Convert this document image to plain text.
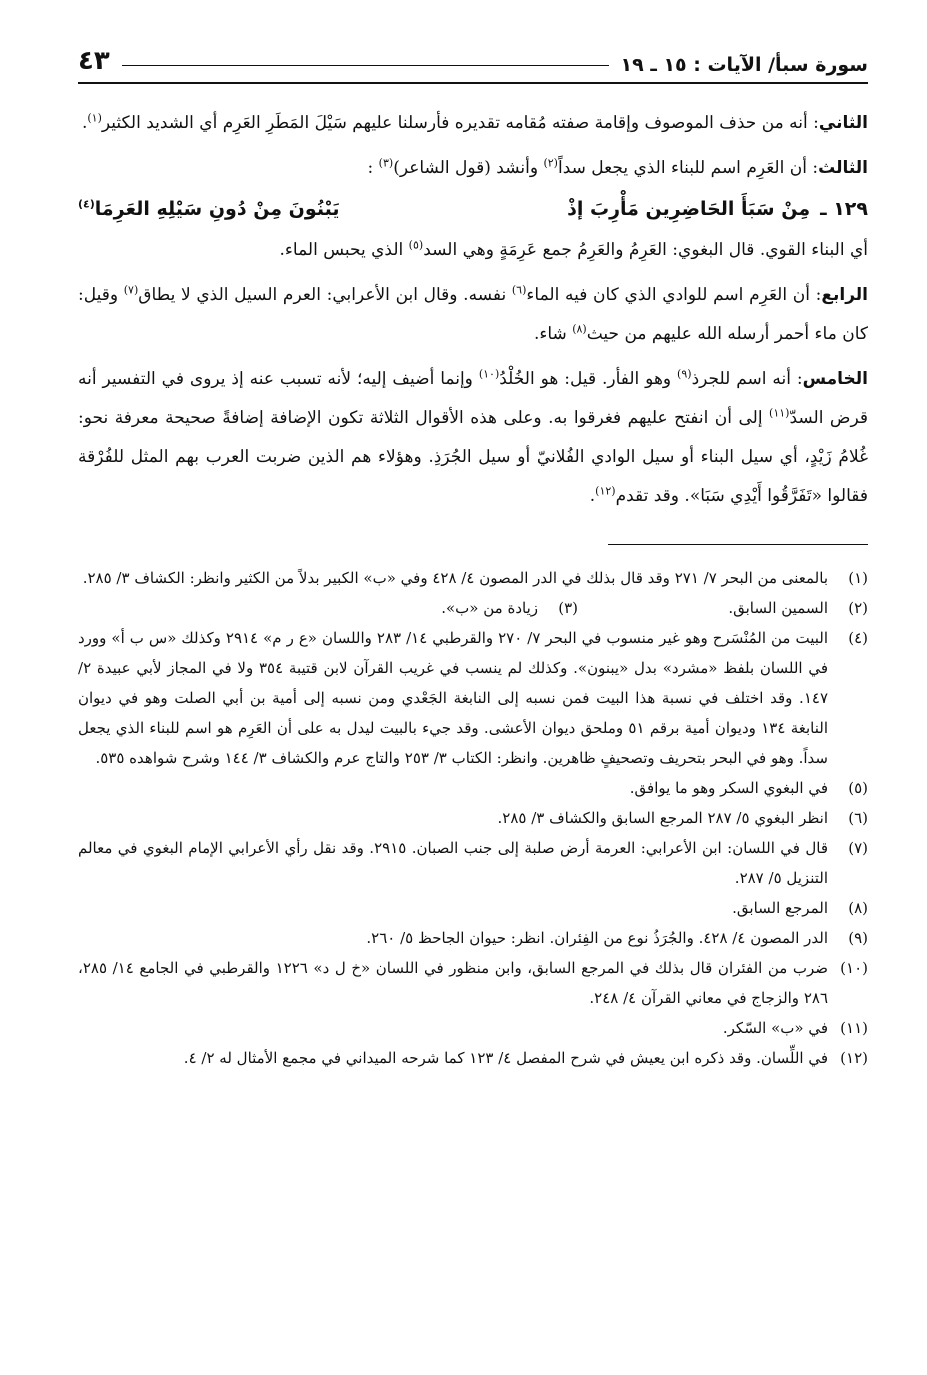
سورة سبأ/ الآيات : ١٥ ـ ١٩
٤٣

الثاني: أنه من حذف الموصوف وإقامة صفته مُقامه تقديره فأرسلنا عليهم سَيْلَ المَطَرِ العَرِم أي الشديد الكثير$^{(١)}$.

الثالث: أن العَرِم اسم للبناء الذي يجعل سداً$^{(٢)}$ وأنشد (قول الشاعر)$^{(٣)}$ :

١٢٩ ـ
مِنْ سَبَأَ الحَاضِرِين مَأْرِبَ إذْ
يَبْنُونَ مِنْ دُونِ سَيْلِهِ العَرِمَا$^{(٤)}$

أي البناء القوي. قال البغوي: العَرِمُ والعَرِمُ جمع عَرِمَةٍ وهي السد$^{(٥)}$ الذي يحبس الماء.

الرابع: أن العَرِم اسم للوادي الذي كان فيه الماء$^{(٦)}$ نفسه. وقال ابن الأعرابي: العرم السيل الذي لا يطاق$^{(٧)}$ وقيل: كان ماء أحمر أرسله الله عليهم من حيث$^{(٨)}$ شاء.

الخامس: أنه اسم للجرذ$^{(٩)}$ وهو الفأر. قيل: هو الخُلْدُ$^{(١٠)}$ وإنما أضيف إليه؛ لأنه تسبب عنه إذ يروى في التفسير أنه قرض السدّ$^{(١١)}$ إلى أن انفتح عليهم فغرقوا به. وعلى هذه الأقوال الثلاثة تكون الإضافة إضافةً صحيحة معرفة نحو: غُلامُ زَيْدٍ، أي سيل البناء أو سيل الوادي الفُلانيّ أو سيل الجُرَذِ. وهؤلاء هم الذين ضربت العرب بهم المثل للفُرْقة فقالوا «تَفَرَّقُوا أَيْدِي سَبَا». وقد تقدم$^{(١٢)}$.

(١)
بالمعنى من البحر ٧/ ٢٧١ وقد قال بذلك في الدر المصون ٤/ ٤٢٨ وفي «ب» الكبير بدلاً من الكثير وانظر: الكشاف ٣/ ٢٨٥.

(٢)
السمين السابق.

(٣)
زيادة من «ب».

(٤)
البيت من المُنْسَرح وهو غير منسوب في البحر ٧/ ٢٧٠ والقرطبي ١٤/ ٢٨٣ واللسان «ع ر م» ٢٩١٤ وكذلك «س ب أ» وورد في اللسان بلفظ «مشرد» بدل «يبنون». وكذلك لم ينسب في غريب القرآن لابن قتيبة ٣٥٤ ولا في المجاز لأبي عبيدة ٢/ ١٤٧. وقد اختلف في نسبة هذا البيت فمن نسبه إلى النابغة الجَعْدي ومن نسبه إلى أمية بن أبي الصلت وهو في ديوان النابغة ١٣٤ وديوان أمية برقم ٥١ وملحق ديوان الأعشى. وقد جيء بالبيت ليدل به على أن العَرِم هو اسم للبناء الذي يجعل سداً. وهو في البحر بتحريف وتصحيفٍ ظاهرين. وانظر: الكتاب ٣/ ٢٥٣ والتاج عرم والكشاف ٣/ ١٤٤ وشرح شواهده ٥٣٥.

(٥)
في البغوي السكر وهو ما يوافق.

(٦)
انظر البغوي ٥/ ٢٨٧ المرجع السابق والكشاف ٣/ ٢٨٥.

(٧)
قال في اللسان: ابن الأعرابي: العرمة أرض صلبة إلى جنب الصبان. ٢٩١٥. وقد نقل رأي الأعرابي الإمام البغوي في معالم التنزيل ٥/ ٢٨٧.

(٨)
المرجع السابق.

(٩)
الدر المصون ٤/ ٤٢٨. والجُرَذُ نوع من الفِئران. انظر: حيوان الجاحظ ٥/ ٢٦٠.

(١٠)
ضرب من الفئران قال بذلك في المرجع السابق، وابن منظور في اللسان «خ ل د» ١٢٢٦ والقرطبي في الجامع ١٤/ ٢٨٥، ٢٨٦ والزجاج في معاني القرآن ٤/ ٢٤٨.

(١١)
في «ب» السّكر.

(١٢)
في اللِّسان. وقد ذكره ابن يعيش في شرح المفصل ٤/ ١٢٣ كما شرحه الميداني في مجمع الأمثال له ٢/ ٤.
